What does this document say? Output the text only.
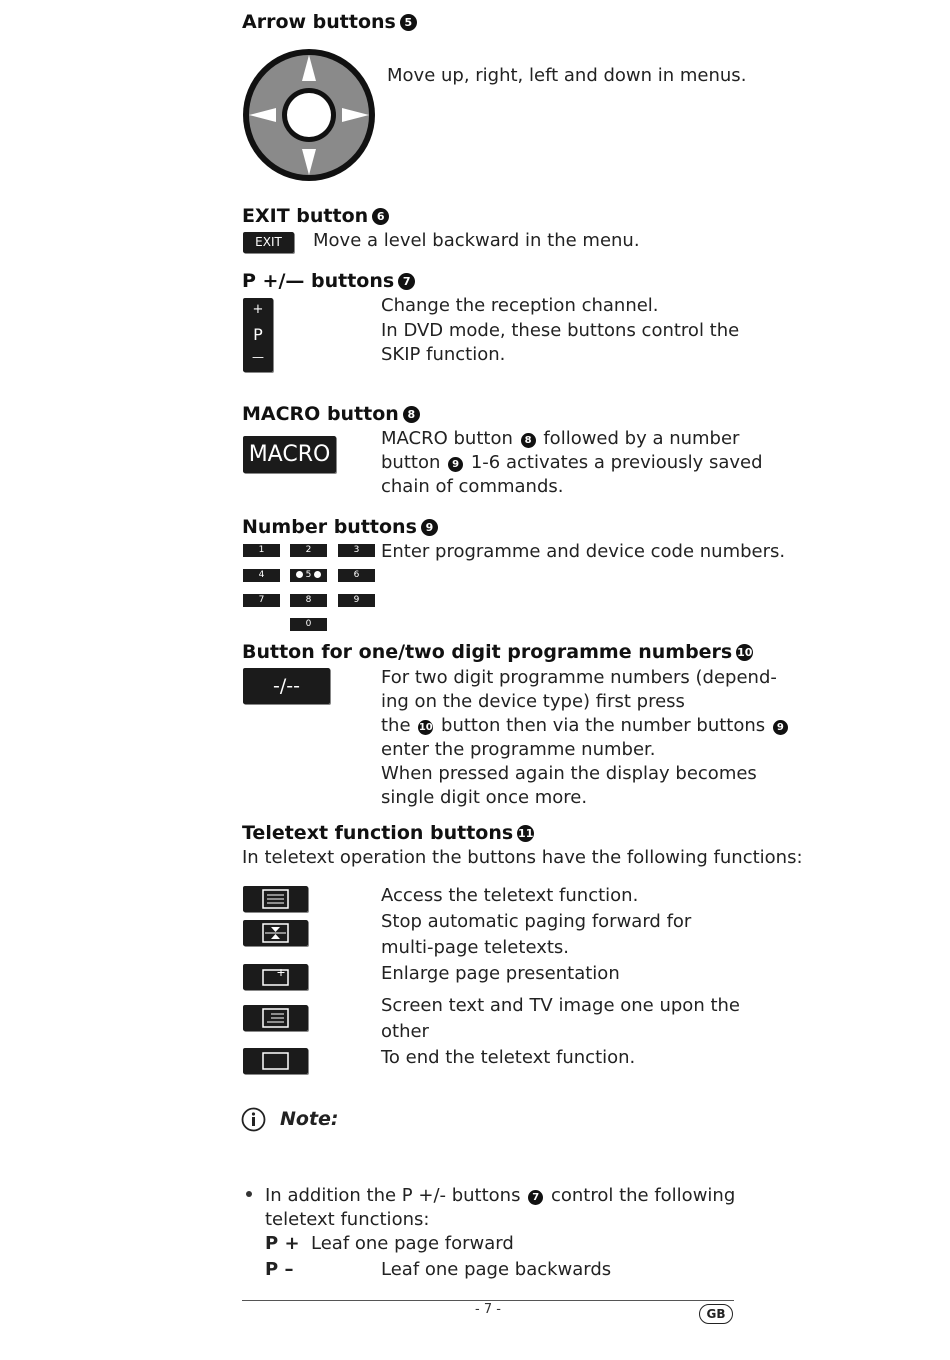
Arrow buttons 5
Move up, right, left and down in menus.
EXIT button 6
EXIT	Move a level backward in the menu.
P +/— buttons 7
+
P
—
Change the reception channel.
In DVD mode, these buttons control the
SKIP function.
MACRO button 8
MACRO
MACRO button 8 followed by a number
button 9 1-6 activates a previously saved
chain of commands.
Number buttons 9
1	2	3
4	5	6
7	8	9
0
Enter programme and device code numbers.
Button for one/two digit programme numbers 10
-/--	For two digit programme numbers (depend-
ing on the device type) first press
the 10 button then via the number buttons 9
enter the programme number.
When pressed again the display becomes
single digit once more.
Teletext function buttons 11
In teletext operation the buttons have the following functions:
Access the teletext function.
Stop automatic paging forward for
multi-page teletexts.
Enlarge page presentation
Screen text and TV image one upon the
other
To end the teletext function.
Note:
In addition the P +/- buttons 7 control the following
teletext functions:
P + Leaf one page forward
P –	Leaf one page backwards
- 7 -	GB
